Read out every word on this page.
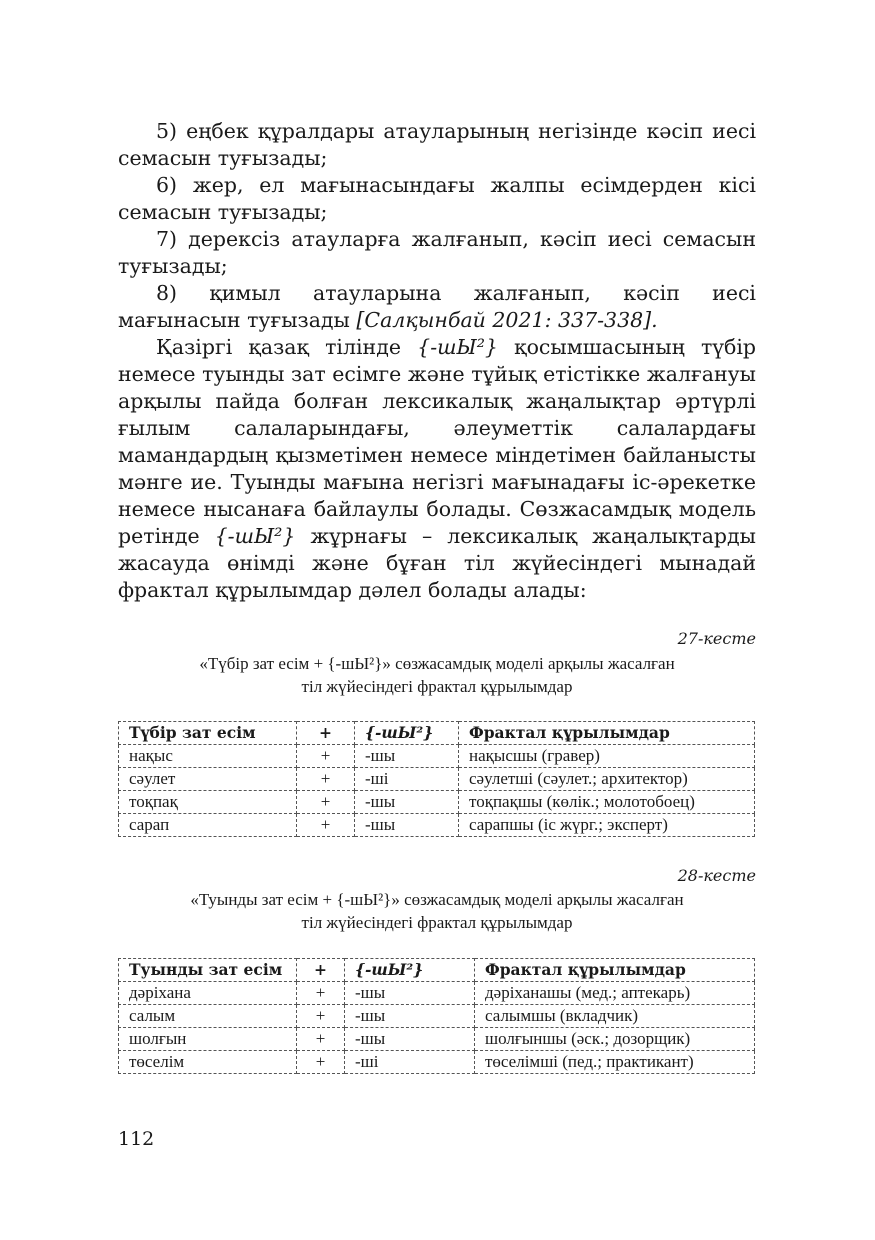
5) еңбек құралдары атауларының негізінде кәсіп иесі семасын туғызады;

6) жер, ел мағынасындағы жалпы есімдерден кісі семасын туғызады;

7) дерексіз атауларға жалғанып, кәсіп иесі семасын туғызады;

8) қимыл атауларына жалғанып, кәсіп иесі мағынасын туғызады [Салқынбай 2021: 337-338].

Қазіргі қазақ тілінде {-шЫ²} қосымшасының түбір немесе туынды зат есімге және тұйық етістікке жалғануы арқылы пайда болған лексикалық жаңалықтар әртүрлі ғылым салаларындағы, әлеуметтік салалардағы мамандардың қызметімен немесе міндетімен байланысты мәнге ие. Туынды мағына негізгі мағынадағы іс-әрекетке немесе нысанаға байлаулы болады. Сөзжасамдық модель ретінде {-шЫ²} жұрнағы – лексикалық жаңалықтарды жасауда өнімді және бұған тіл жүйесіндегі мынадай фрактал құрылымдар дәлел болады алады:

27-кесте
«Түбір зат есім + {-шЫ²}» сөзжасамдық моделі арқылы жасалған
тіл жүйесіндегі фрактал құрылымдар
Түбір зат есім	+	{-шЫ²}	Фрактал құрылымдар
нақыс	+	-шы	нақысшы (гравер)
сәулет	+	-ші	сәулетші (сәулет.; архитектор)
тоқпақ	+	-шы	тоқпақшы (көлік.; молотобоец)
сарап	+	-шы	сарапшы (іс жүрг.; эксперт)
28-кесте
«Туынды зат есім + {-шЫ²}» сөзжасамдық моделі арқылы жасалған
тіл жүйесіндегі фрактал құрылымдар
Туынды зат есім	+	{-шЫ²}	Фрактал құрылымдар
дәріхана	+	-шы	дәріханашы (мед.; аптекарь)
салым	+	-шы	салымшы (вкладчик)
шолғын	+	-шы	шолғыншы (әск.; дозорщик)
төселім	+	-ші	төселімші (пед.; практикант)
112
